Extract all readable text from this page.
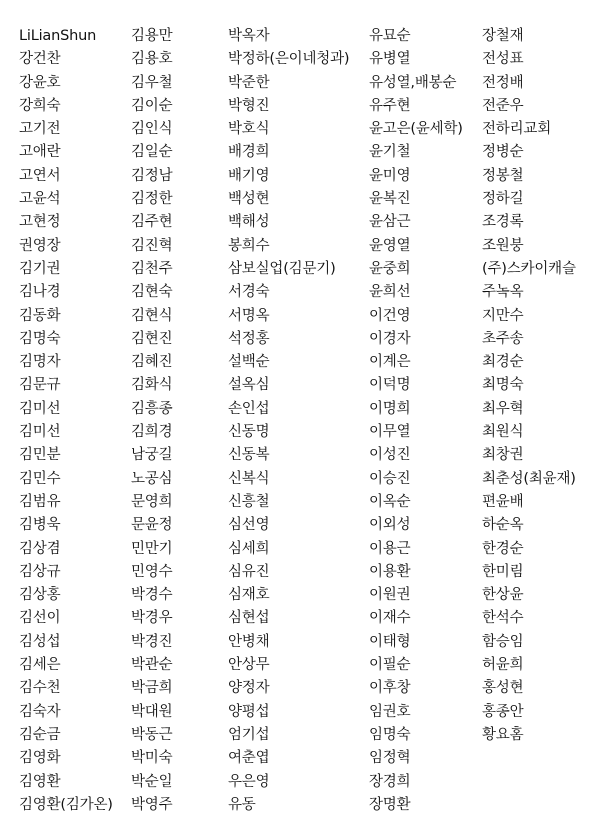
LiLianShun
강건찬
강윤호
강희숙
고기전
고애란
고연서
고윤석
고현정
권영장
김기권
김나경
김동화
김명숙
김명자
김문규
김미선
김미선
김민분
김민수
김범유
김병욱
김상겸
김상규
김상홍
김선이
김성섭
김세은
김수천
김숙자
김순금
김영화
김영환
김영환(김가온)
김용만
김용호
김우철
김이순
김인식
김일순
김정남
김정한
김주현
김진혁
김천주
김현숙
김현식
김현진
김혜진
김화식
김흥종
김희경
남궁길
노공심
문영희
문윤정
민만기
민영수
박경수
박경우
박경진
박관순
박금희
박대원
박동근
박미숙
박순일
박영주
박옥자
박정하(은이네청과)
박준한
박형진
박호식
배경희
배기영
백성현
백해성
봉희수
삼보실업(김문기)
서경숙
서명옥
석정홍
설백순
설옥심
손인섭
신동명
신동복
신복식
신흥철
심선영
심세희
심유진
심재호
심현섭
안병채
안상무
양정자
양평섭
엄기섭
여춘엽
우은영
유동
유묘순
유병열
유성열,배봉순
유주현
윤고은(윤세학)
윤기철
윤미영
윤복진
윤삼근
윤영열
윤중희
윤희선
이건영
이경자
이계은
이덕명
이명희
이무열
이성진
이승진
이옥순
이외성
이용근
이용환
이원권
이재수
이태형
이필순
이후창
임권호
임명숙
임정혁
장경희
장명환
장철재
전성표
전정배
전준우
전하리교회
정병순
정봉철
정하길
조경록
조원붕
(주)스카이캐슬
주녹옥
지만수
초주송
최경순
최명숙
최우혁
최원식
최창권
최춘성(최윤재)
편윤배
하순옥
한경순
한미림
한상윤
한석수
함승임
허윤희
홍성현
홍종안
황요홈
